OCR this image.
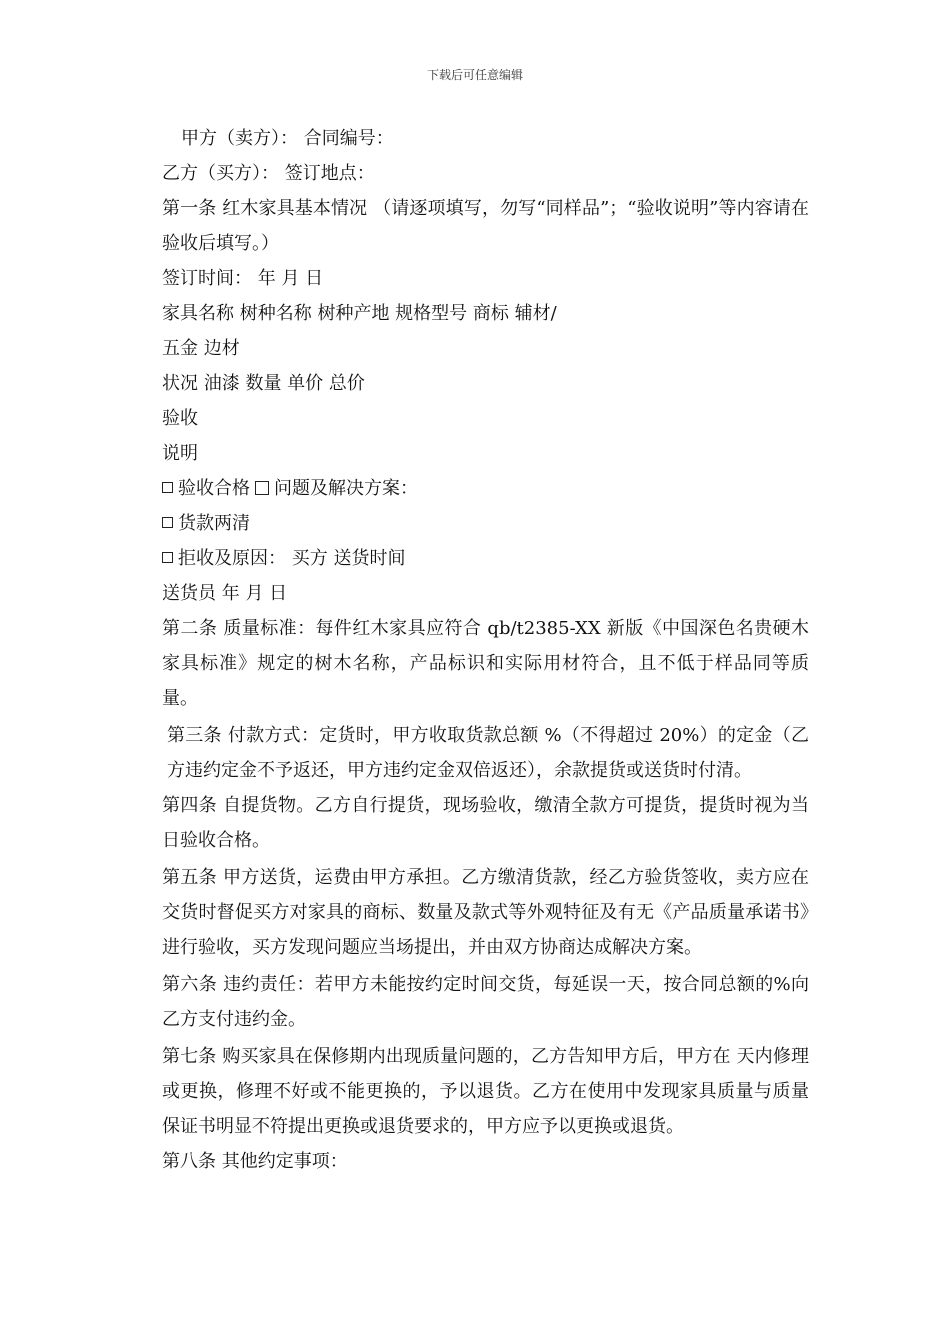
下载后可任意编辑

甲方（卖方）： 合同编号：

乙方（买方）： 签订地点：

第一条 红木家具基本情况 （请逐项填写，勿写“同样品”；“验收说明”等内容请在验收后填写。）

签订时间： 年 月 日

家具名称 树种名称 树种产地 规格型号 商标 辅材/

五金 边材

状况 油漆 数量 单价 总价

验收

说明

验收合格 问题及解决方案：

货款两清

拒收及原因： 买方 送货时间

送货员 年 月 日

第二条 质量标准：每件红木家具应符合 qb/t2385-XX 新版《中国深色名贵硬木家具标准》规定的树木名称，产品标识和实际用材符合，且不低于样品同等质量。

第三条 付款方式：定货时，甲方收取货款总额 %（不得超过 20%）的定金（乙方违约定金不予返还，甲方违约定金双倍返还），余款提货或送货时付清。

第四条 自提货物。乙方自行提货，现场验收，缴清全款方可提货，提货时视为当日验收合格。

第五条 甲方送货，运费由甲方承担。乙方缴清货款，经乙方验货签收，卖方应在交货时督促买方对家具的商标、数量及款式等外观特征及有无《产品质量承诺书》进行验收，买方发现问题应当场提出，并由双方协商达成解决方案。

第六条 违约责任：若甲方未能按约定时间交货，每延误一天，按合同总额的%向乙方支付违约金。

第七条 购买家具在保修期内出现质量问题的，乙方告知甲方后，甲方在 天内修理或更换，修理不好或不能更换的，予以退货。乙方在使用中发现家具质量与质量保证书明显不符提出更换或退货要求的，甲方应予以更换或退货。

第八条 其他约定事项：
